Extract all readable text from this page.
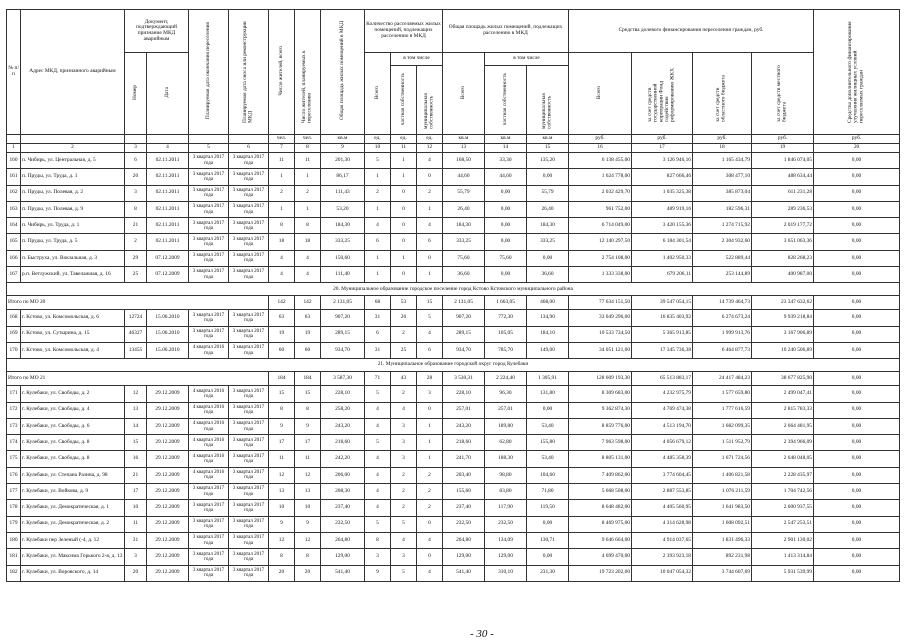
№ п/п	Адрес МКД, признанного аварийным	Документ, подтверждающий признание МКД аварийным		Планируемая дата окончания переселения	Планируемая дата сноса или реконструкции МКД	Число жителей, всего	Число жителей, планируемых к переселению	Общая площадь жилых помещений в МКД	Количество расселяемых жилых помещений, подлежащих расселению в МКД			Общая площадь жилых помещений, подлежащих расселению в МКД			Средства долевого финансирования переселения граждан, руб.				Средства дополнительного финансирования улучшения жилищных условий переселяемых граждан
		Номер	Дата						Всего	в том числе		Всего	в том числе		Всего	за счет средств государственной корпорации Фонд содействия реформированию ЖКХ	за счет средств областного бюджета	за счет средств местного бюджета	
										частная собственность	муниципальная собственность		частная собственность	муниципальная собственность					
						чел.	чел.	кв.м	ед.	ед.	ед.	кв.м	кв.м	кв.м	руб.	руб.	руб.	руб.	руб.
1	2	3	4	5	6	7	8	9	10	11	12	13	14	15	16	17	18	19	20
160	п. Чибирь, ул. Центральная, д. 5	6	02.11.2011	3 квартал 2017 года	3 квартал 2017 года	11	11	201,30	5	1	4	168,50	33,30	135,20	6 138 455,00	3 126 946,16	1 165 434,79	1 846 074,05	0,00
161	п. Пруды, ул. Труда, д. 1	20	02.11.2011	3 квартал 2017 года	3 квартал 2017 года	1	1	86,17	1	1	0	44,60	44,60	0,00	1 624 778,00	827 666,46	308 477,10	488 634,44	0,00
162	п. Пруды, ул. Полевая, д. 2	3	02.11.2011	3 квартал 2017 года	3 квартал 2017 года	2	2	111,43	2	0	2	55,79	0,00	55,79	2 032 429,70	1 035 325,38	385 873,04	611 231,28	0,00
163	п. Пруды, ул. Полевая, д. 9	8	02.11.2011	3 квартал 2017 года	3 квартал 2017 года	1	1	53,20	1	0	1	26,40	0,00	26,40	961 752,00	489 919,16	182 596,31	289 236,53	0,00
164	п. Чибирь, ул. Труда, д. 1	21	02.11.2011	3 квартал 2017 года	3 квартал 2017 года	8	8	184,30	4	0	4	184,30	0,00	184,30	6 714 049,00	3 420 155,36	1 274 715,92	2 019 177,72	0,00
165	п. Пруды, ул. Труда, д. 5	2	02.11.2011	3 квартал 2017 года	3 квартал 2017 года	18	18	333,25	6	0	6	333,25	0,00	333,25	12 140 297,50	6 184 301,54	2 304 932,60	3 651 063,36	0,00
166	п. Быструха, ул. Вокзальная, д. 3	29	07.12.2009	3 квартал 2017 года	3 квартал 2017 года	4	4	150,60	1	1	0	75,60	75,60	0,00	2 754 108,00	1 402 950,33	522 889,44	828 268,23	0,00
167	р.п. Ветлужский, ул. Тавелажная, д. 16	25	07.12.2009	3 квартал 2017 года	3 квартал 2017 года	4	4	111,40	1	0	1	36,60	0,00	36,60	1 333 338,00	679 206,11	253 144,89	400 987,00	0,00
20. Муниципальное образование городское поселение город Кстово Кстовского муниципального района																			
Итого по МО 20						142	142	2 131,05	68	53	15	2 131,05	1 663,05	468,00	77 634 151,50	39 547 054,15	14 739 464,73	23 347 632,62	0,00
168	г. Кстово, ул. Комсомольская, д. 6	12724	15.06.2010	3 квартал 2017 года	3 квартал 2017 года	63	63	907,20	31	26	5	907,20	772,30	134,90	33 049 296,00	16 835 403,92	6 274 673,24	9 939 218,84	0,00
169	г. Кстово, ул. Сутырина, д. 15	46327	15.06.2010	3 квартал 2017 года	3 квартал 2017 года	19	19	289,15	6	2	4	289,15	105,05	184,10	10 533 734,50	5 365 913,85	1 999 913,76	3 167 906,89	0,00
170	г. Кстово, ул. Комсомольская, д. 4	13455	15.06.2010	4 квартал 2016 года	3 квартал 2017 года	60	60	934,70	31	25	6	934,70	785,70	149,00	34 051 121,00	17 345 736,38	6 464 877,73	10 240 506,89	0,00
21. Муниципальное образование городской округ город Кулебаки																			
Итого по МО 21						184	184	3 587,30	71	43	28	3 530,31	2 224,40	1 305,91	128 609 193,30	65 513 883,17	24 417 484,23	38 677 825,90	0,00
171	г. Кулебаки, ул. Свободы, д. 2	12	29.12.2009	4 квартал 2016 года	3 квартал 2017 года	15	15	228,10	5	2	3	228,10	96,30	131,80	8 309 683,00	4 232 975,79	1 577 659,80	2 499 047,41	0,00
172	г. Кулебаки, ул. Свободы, д. 4	13	29.12.2009	4 квартал 2016 года	3 квартал 2017 года	8	8	258,20	4	4	0	257,01	257,01	0,00	9 362 874,30	4 769 474,38	1 777 616,59	2 815 783,33	0,00
173	г. Кулебаки, ул. Свободы, д. 6	14	29.12.2009	4 квартал 2016 года	3 квартал 2017 года	9	9	243,20	4	3	1	243,20	189,80	53,40	8 859 776,00	4 513 194,70	1 682 099,35	2 664 481,95	0,00
174	г. Кулебаки, ул. Свободы, д. 8	15	29.12.2009	4 квартал 2016 года	3 квартал 2017 года	17	17	218,60	5	3	1	218,60	62,80	155,80	7 963 598,00	4 056 679,12	1 511 952,79	2 394 966,09	0,00
175	г. Кулебаки, ул. Свободы, д. 8	16	29.12.2009	4 квартал 2016 года	3 квартал 2017 года	11	11	242,20	4	3	1	241,70	188,30	53,40	8 805 131,00	4 485 358,39	1 671 724,56	2 648 048,05	0,00
176	г. Кулебаки, ул. Степана Разина, д. 98	21	29.12.2009	4 квартал 2016 года	3 квартал 2017 года	12	12	206,00	4	2	2	203,40	98,80	104,60	7 409 862,00	3 774 604,45	1 406 821,58	2 228 435,97	0,00
177	г. Кулебаки, ул. Войкова, д. 9	17	29.12.2009	3 квартал 2017 года	3 квартал 2017 года	13	13	208,30	4	2	2	155,60	83,80	71,80	5 668 508,00	2 887 553,85	1 076 211,59	1 704 742,56	0,00
178	г. Кулебаки, ул. Демократическая, д. 1	10	29.12.2009	3 квартал 2017 года	3 квартал 2017 года	10	10	237,40	4	2	2	237,40	117,90	119,50	8 648 482,00	4 405 560,95	1 641 983,50	2 600 937,55	0,00
179	г. Кулебаки, ул. Демократическая, д. 2	11	29.12.2009	3 квартал 2017 года	3 квартал 2017 года	9	9	232,50	5	5	0	232,50	232,50	0,00	8 469 975,00	4 314 628,98	1 608 092,51	2 547 253,51	0,00
180	г. Кулебаки пер Зеленый (-4, д. 12	31	29.12.2009	3 квартал 2017 года	3 квартал 2017 года	12	12	264,80	8	4	4	264,80	134,09	130,71	9 646 664,00	4 914 037,65	1 831 496,33	2 901 130,02	0,00
181	г. Кулебаки, ул. Максима Горького 2-я, д. 13	3	29.12.2009	3 квартал 2017 года	3 квартал 2017 года	8	8	129,00	3	3	0	129,00	129,00	0,00	4 699 470,00	2 393 923,18	892 231,98	1 413 314,84	0,00
182	г. Кулебаки, ул. Воровского, д. 14	20	29.12.2009	3 квартал 2017 года	3 квартал 2017 года	20	20	541,40	9	5	4	541,40	310,10	231,30	19 723 202,00	10 047 054,32	3 744 607,69	5 931 539,99	0,00
- 30 -
